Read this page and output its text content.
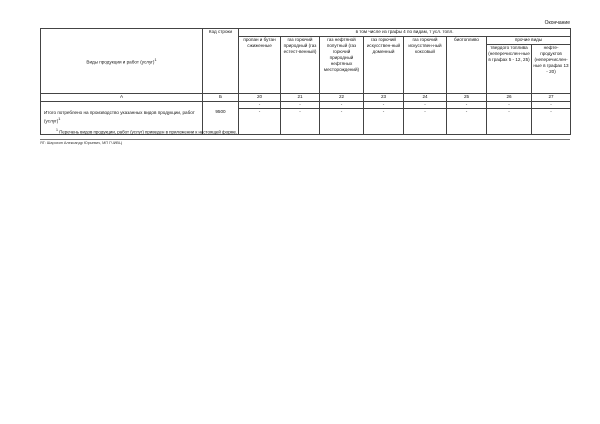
Окончание
Виды продукции и работ (услуг)$^1$	Код строки	в том числе из графы 4 по видам, т усл. топл.							
		пропан и бутан сжиженные	газ горючий природный (газ естест-венный)	газ нефтяной попутный (газ горючий природный нефтяных месторождений)	газ горючий искусствен-ный доменный	газ горючий искусствен-ный коксовый	биотопливо	прочие виды	
								твердого топлива (неперечислен-ные в графах 5 - 12, 25)	нефте-продуктов (неперечислен-ные в графах 13 - 20)
А	Б	20	21	22	23	24	25	26	27
		-	-	-	-	-	-	-	-
Итого потреблено на производство указанных видов продукции, работ (услуг)$^1$	9500	-	-	-	-	-	-	-	-
$^1$ Перечень видов продукции, работ (услуг) приведен в приложении к настоящей форме.
ЯГ: Шарохин Александр Юрьевич, МП ГЧИВЦ
